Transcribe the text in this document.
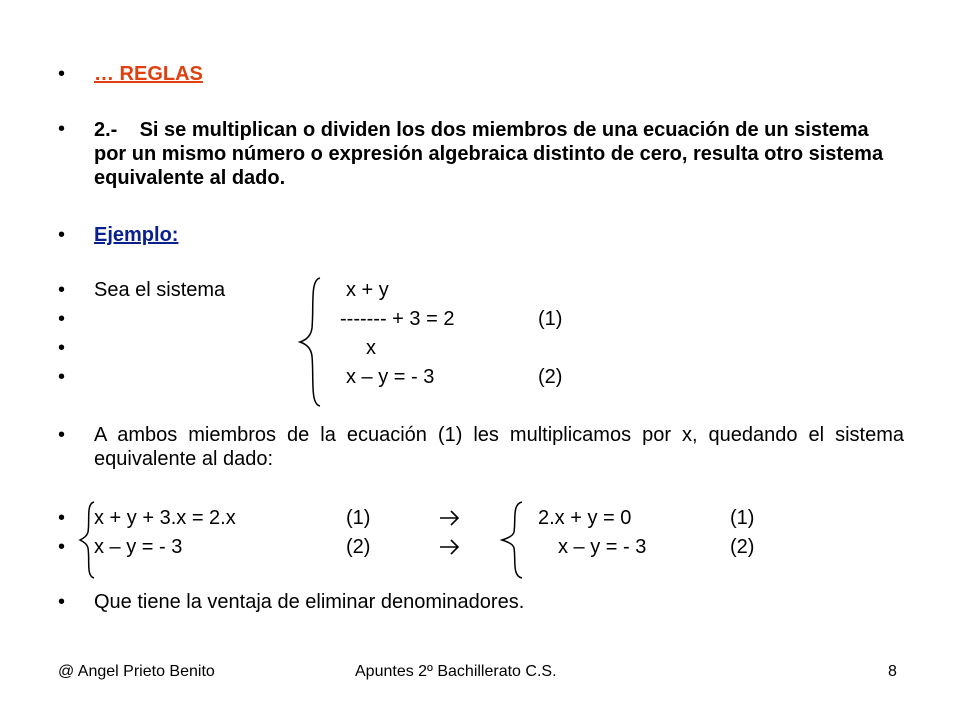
• … REGLAS
• 2.- Si se multiplican o dividen los dos miembros de una ecuación de un sistema por un mismo número o expresión algebraica distinto de cero, resulta otro sistema equivalente al dado.
• Ejemplo:
• Sea el sistema
•
•
•
x + y
------- + 3 = 2	(1)
x
x – y = - 3	(2)
• A ambos miembros de la ecuación (1) les multiplicamos por x, quedando el sistema equivalente al dado:
•
•
x + y + 3.x = 2.x	(1)
x – y = - 3	(2)
2.x + y = 0	(1)
x – y = - 3	(2)
• Que tiene la ventaja de eliminar denominadores.
@ Angel Prieto Benito	Apuntes 2º Bachillerato C.S.	8
